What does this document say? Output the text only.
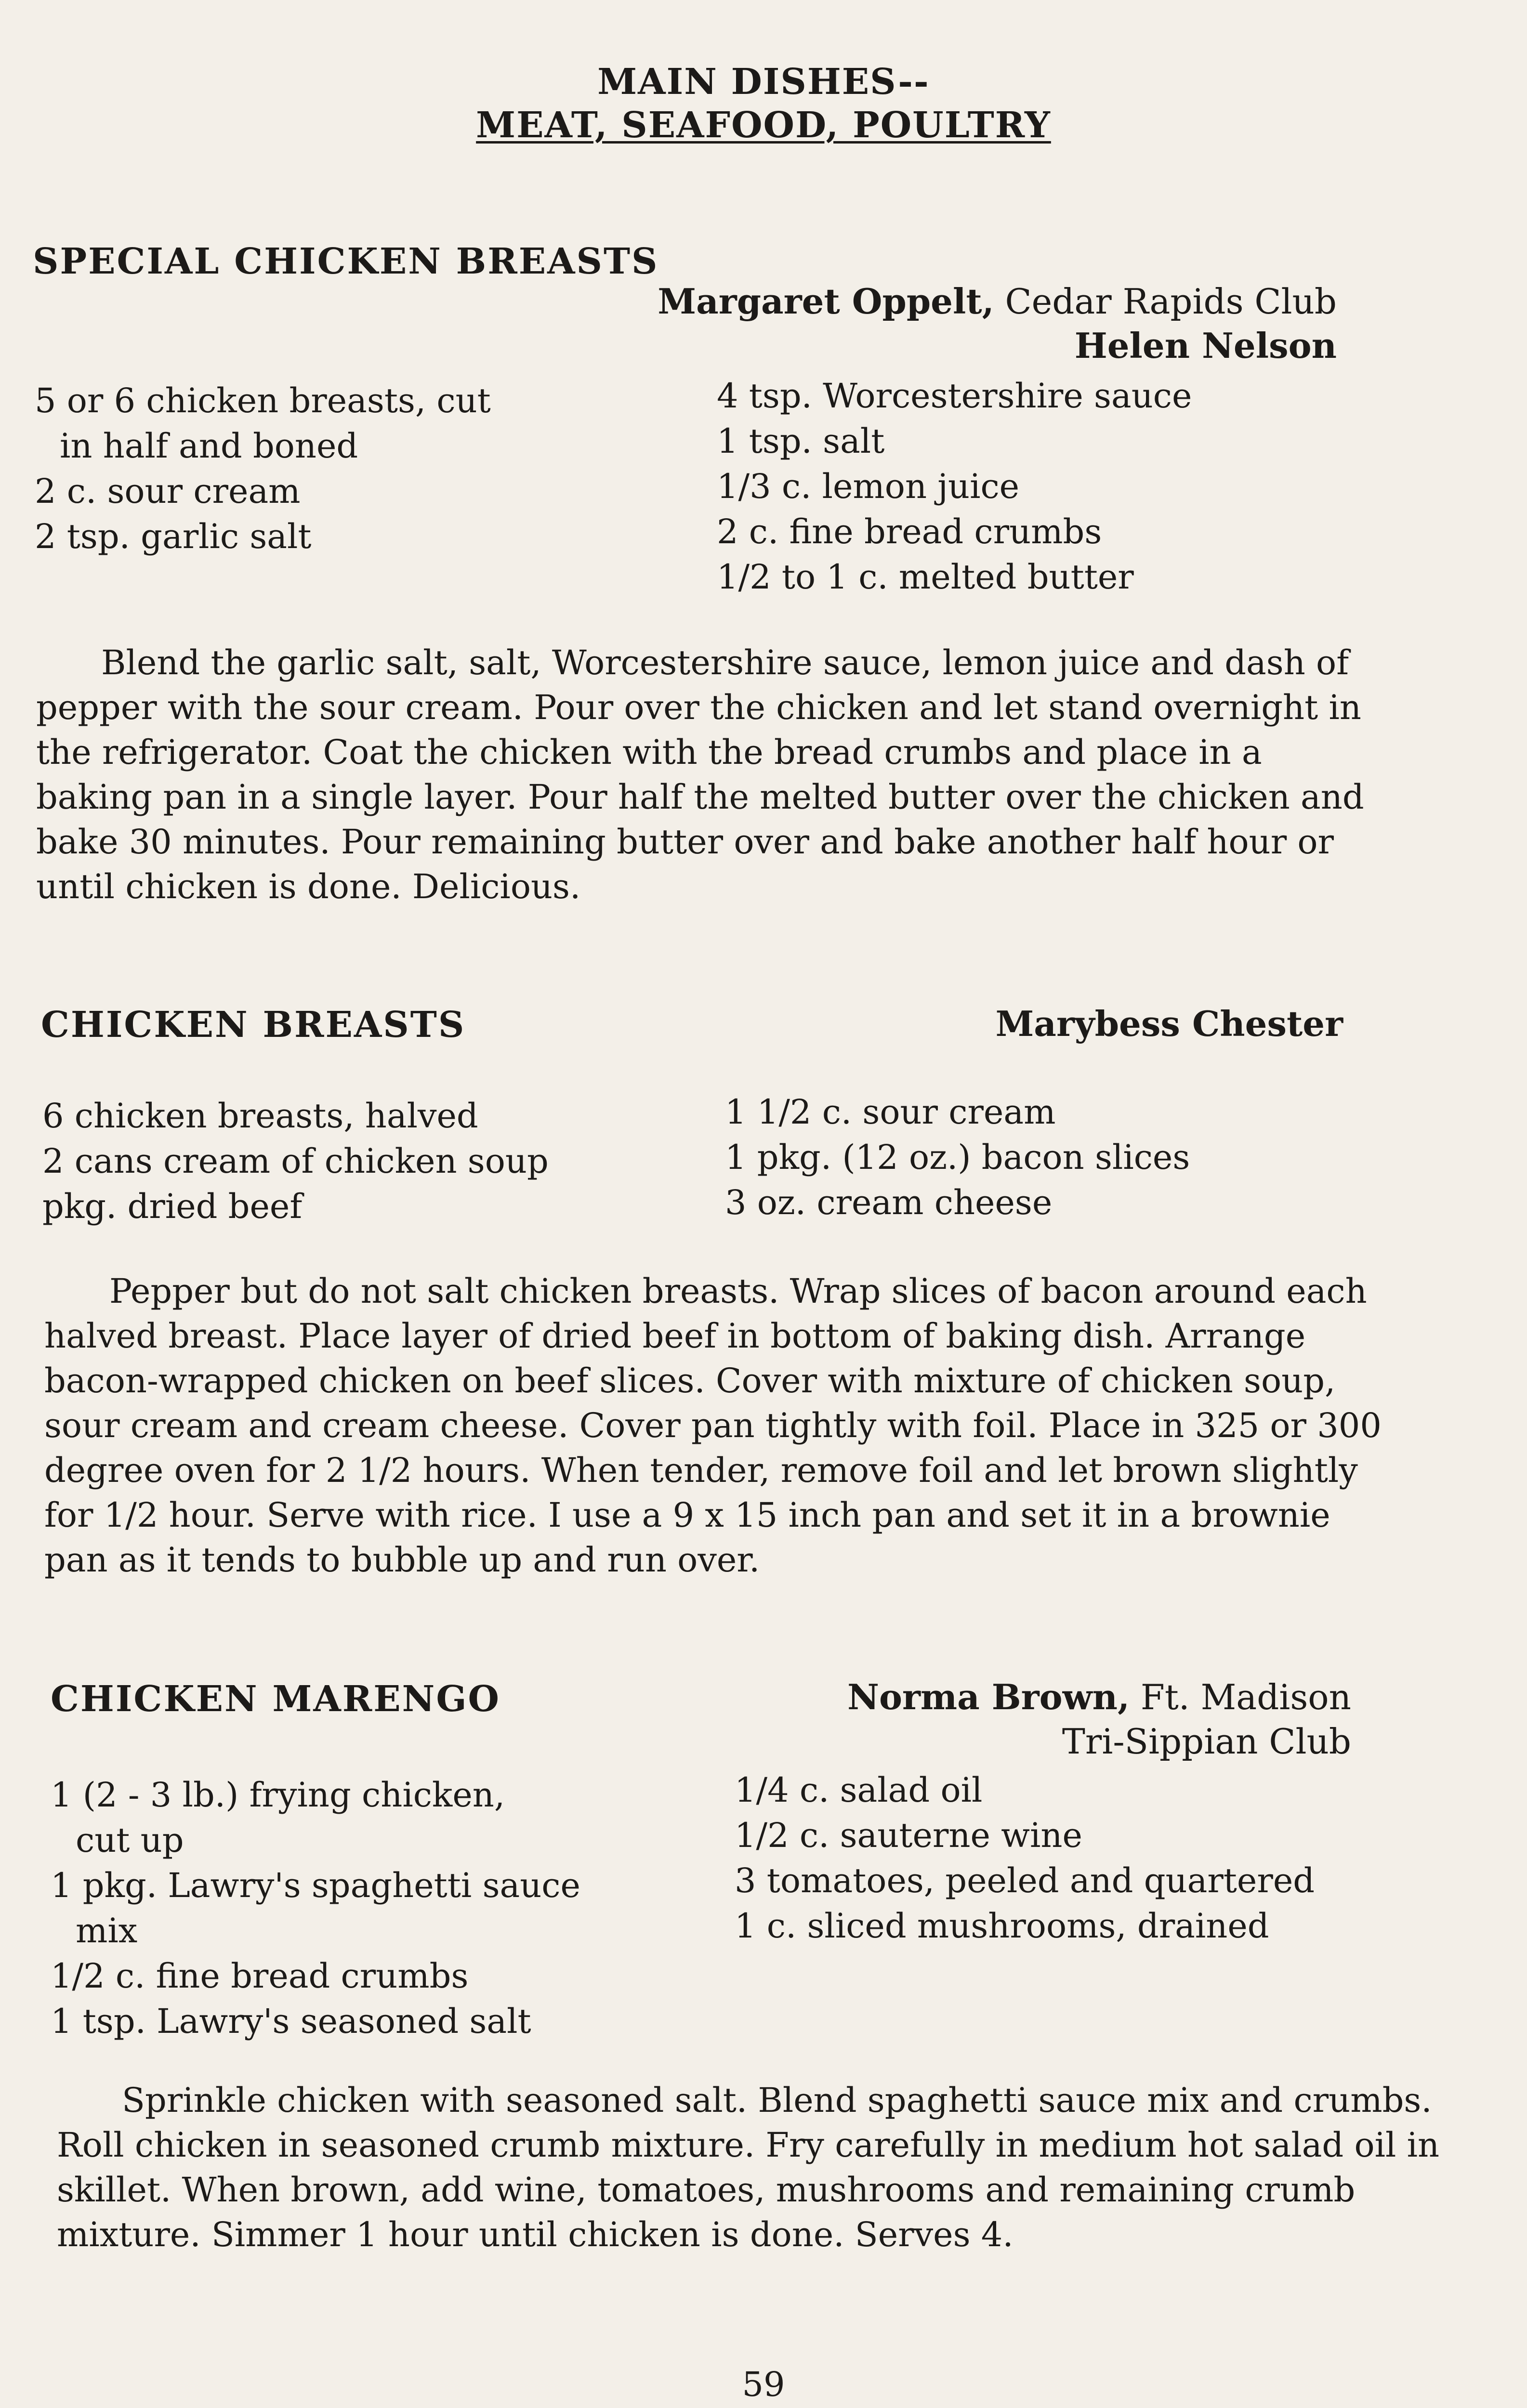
MAIN DISHES--
MEAT, SEAFOOD, POULTRY
SPECIAL CHICKEN BREASTS
Margaret Oppelt, Cedar Rapids Club
Helen Nelson
5 or 6 chicken breasts, cut
in half and boned
2 c. sour cream
2 tsp. garlic salt
4 tsp. Worcestershire sauce
1 tsp. salt
1/3 c. lemon juice
2 c. fine bread crumbs
1/2 to 1 c. melted butter
Blend the garlic salt, salt, Worcestershire sauce, lemon juice and dash of pepper with the sour cream. Pour over the chicken and let stand overnight in the refrigerator. Coat the chicken with the bread crumbs and place in a baking pan in a single layer. Pour half the melted butter over the chicken and bake 30 minutes. Pour remaining butter over and bake another half hour or until chicken is done. Delicious.
CHICKEN BREASTS	Marybess Chester
6 chicken breasts, halved
2 cans cream of chicken soup
pkg. dried beef
1 1/2 c. sour cream
1 pkg. (12 oz.) bacon slices
3 oz. cream cheese
Pepper but do not salt chicken breasts. Wrap slices of bacon around each halved breast. Place layer of dried beef in bottom of baking dish. Arrange bacon-wrapped chicken on beef slices. Cover with mixture of chicken soup, sour cream and cream cheese. Cover pan tightly with foil. Place in 325 or 300 degree oven for 2 1/2 hours. When tender, remove foil and let brown slightly for 1/2 hour. Serve with rice. I use a 9 x 15 inch pan and set it in a brownie pan as it tends to bubble up and run over.
CHICKEN MARENGO	Norma Brown, Ft. Madison
Tri-Sippian Club
1 (2 - 3 lb.) frying chicken,
cut up
1 pkg. Lawry's spaghetti sauce
mix
1/2 c. fine bread crumbs
1 tsp. Lawry's seasoned salt
1/4 c. salad oil
1/2 c. sauterne wine
3 tomatoes, peeled and quartered
1 c. sliced mushrooms, drained
Sprinkle chicken with seasoned salt. Blend spaghetti sauce mix and crumbs. Roll chicken in seasoned crumb mixture. Fry carefully in medium hot salad oil in skillet. When brown, add wine, tomatoes, mushrooms and remaining crumb mixture. Simmer 1 hour until chicken is done. Serves 4.
59
